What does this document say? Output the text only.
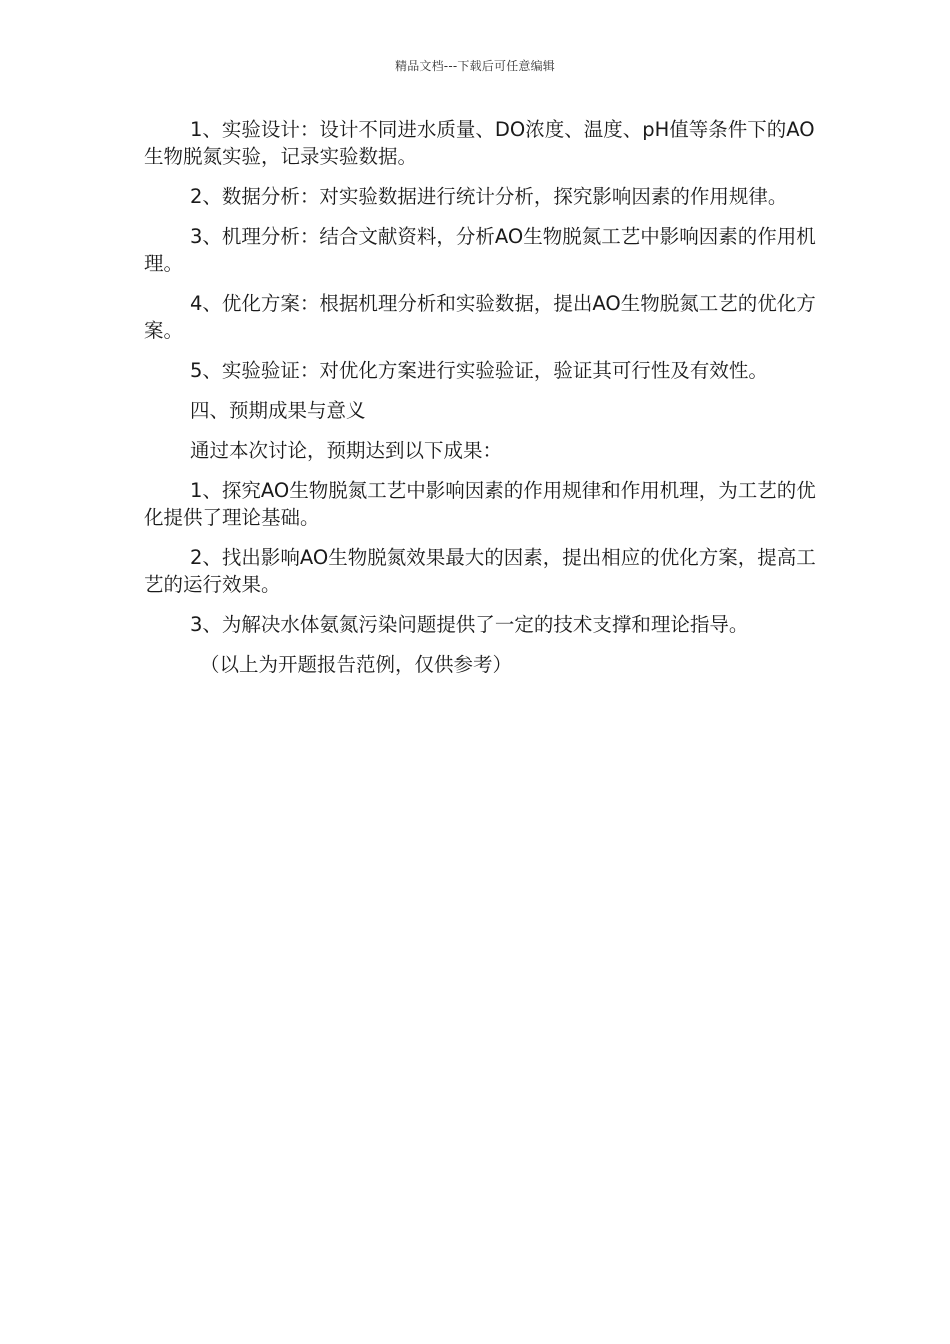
精品文档---下载后可任意编辑

1、实验设计：设计不同进水质量、DO浓度、温度、pH值等条件下的AO生物脱氮实验，记录实验数据。

2、数据分析：对实验数据进行统计分析，探究影响因素的作用规律。

3、机理分析：结合文献资料，分析AO生物脱氮工艺中影响因素的作用机理。

4、优化方案：根据机理分析和实验数据，提出AO生物脱氮工艺的优化方案。

5、实验验证：对优化方案进行实验验证，验证其可行性及有效性。

四、预期成果与意义

通过本次讨论，预期达到以下成果：

1、探究AO生物脱氮工艺中影响因素的作用规律和作用机理，为工艺的优化提供了理论基础。

2、找出影响AO生物脱氮效果最大的因素，提出相应的优化方案，提高工艺的运行效果。

3、为解决水体氨氮污染问题提供了一定的技术支撑和理论指导。

（以上为开题报告范例，仅供参考）
